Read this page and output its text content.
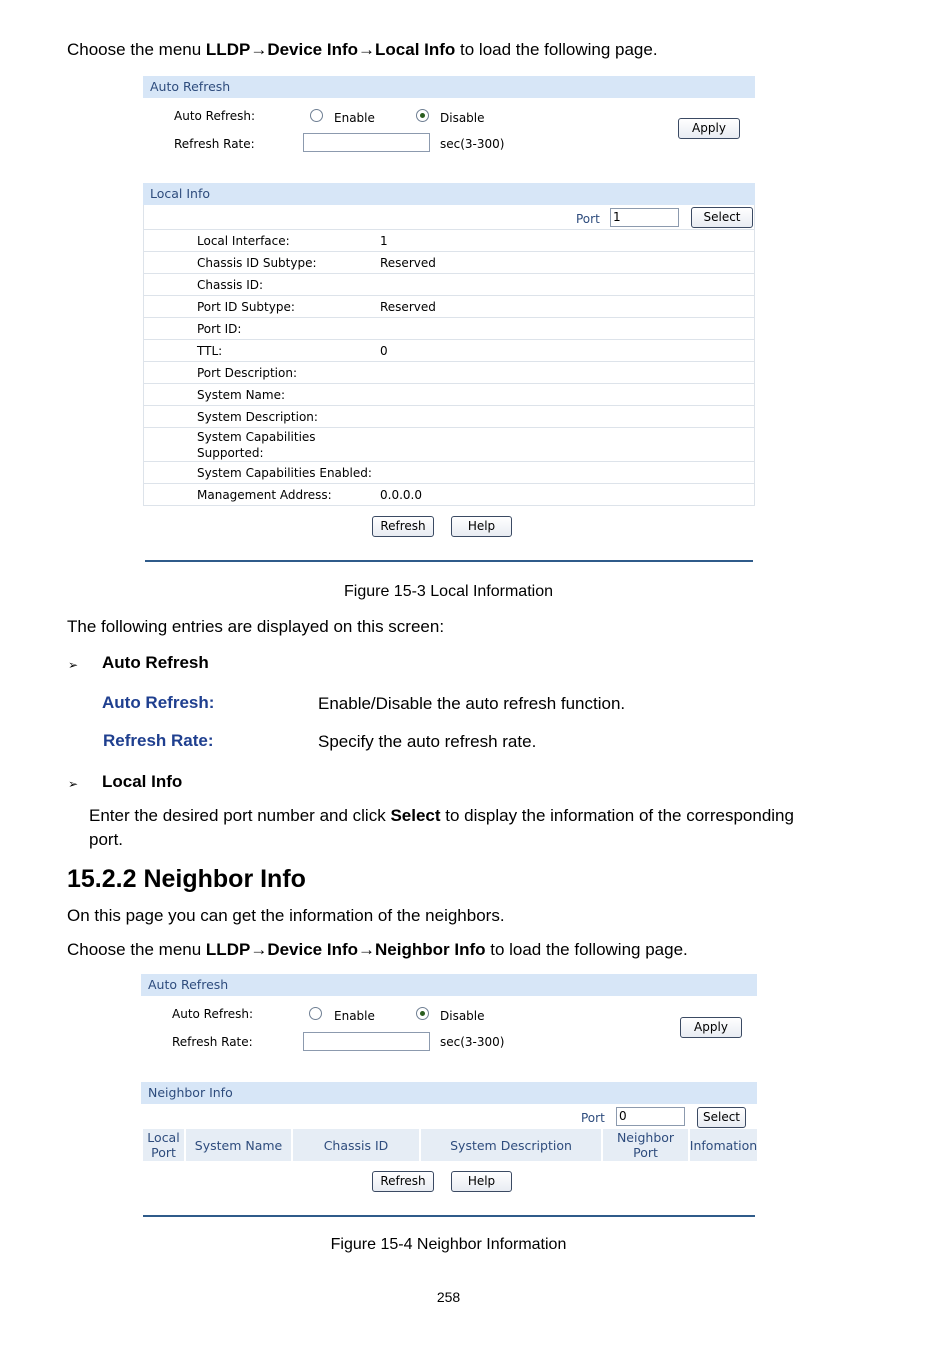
Choose the menu LLDP→Device Info→Local Info to load the following page.
Auto Refresh
Auto Refresh:	Enable	Disable
Apply
Refresh Rate:	sec(3-300)
Local Info
Port 1	Select
Local Interface:	1
Chassis ID Subtype:	Reserved
Chassis ID:
Port ID Subtype:	Reserved
Port ID:
TTL:	0
Port Description:
System Name:
System Description:
System Capabilities Supported:
System Capabilities Enabled:
Management Address:	0.0.0.0
Refresh	Help
Figure 15-3 Local Information
The following entries are displayed on this screen:
➢ Auto Refresh
Auto Refresh:	Enable/Disable the auto refresh function.
Refresh Rate:	Specify the auto refresh rate.
➢ Local Info
Enter the desired port number and click Select to display the information of the corresponding
port.
15.2.2 Neighbor Info
On this page you can get the information of the neighbors.
Choose the menu LLDP→Device Info→Neighbor Info to load the following page.
Auto Refresh
Auto Refresh:	Enable	Disable
Apply
Refresh Rate:	sec(3-300)
Neighbor Info
Port 0	Select
Local Port	System Name	Chassis ID	System Description	Neighbor Port	Infomation
Refresh	Help
Figure 15-4 Neighbor Information
258
